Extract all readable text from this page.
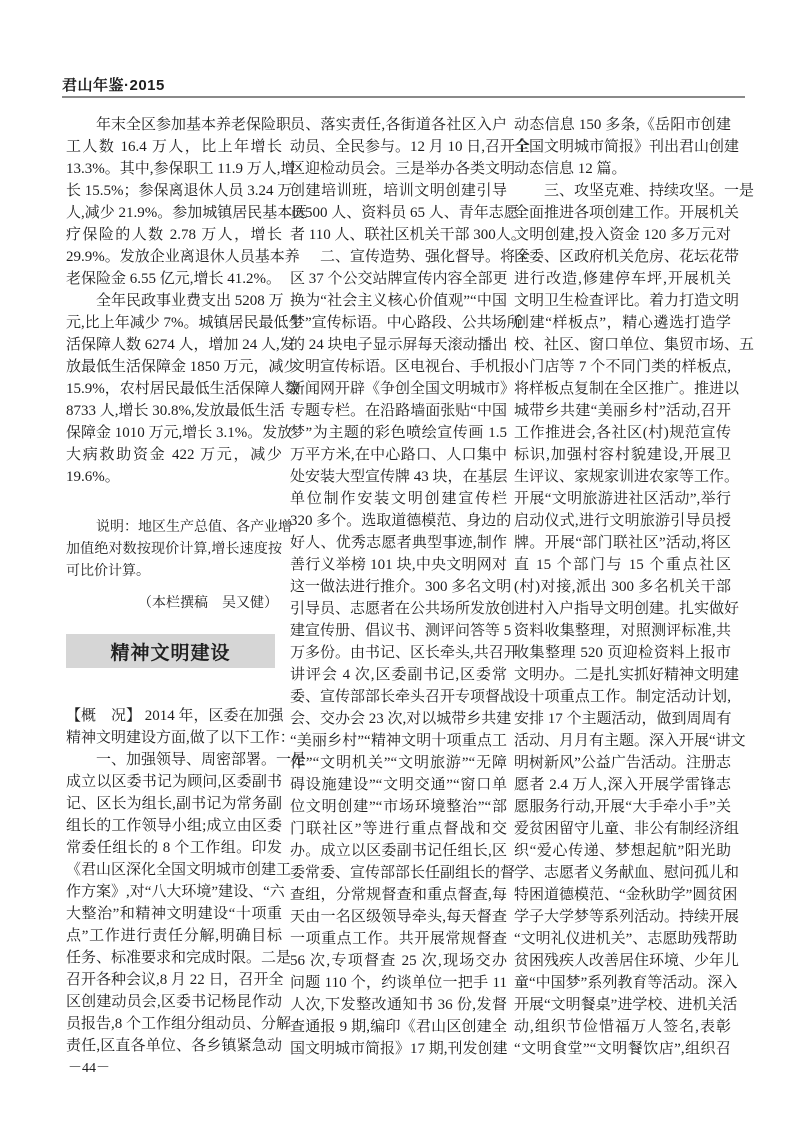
君山年鉴·2015
年末全区参加基本养老保险职
工人数 16.4 万人，比上年增长
13.3%。其中,参保职工 11.9 万人,增
长 15.5%；参保离退休人员 3.24 万
人,减少 21.9%。参加城镇居民基本医
疗保险的人数 2.78 万人，增长
29.9%。发放企业离退休人员基本养
老保险金 6.55 亿元,增长 41.2%。
全年民政事业费支出 5208 万
元,比上年减少 7%。城镇居民最低生
活保障人数 6274 人，增加 24 人,发
放最低生活保障金 1850 万元，减少
15.9%，农村居民最低生活保障人数
8733 人,增长 30.8%,发放最低生活
保障金 1010 万元,增长 3.1%。发放
大病救助资金 422 万元，减少
19.6%。
说明：地区生产总值、各产业增
加值绝对数按现价计算,增长速度按
可比价计算。
（本栏撰稿　吴又健）
精神文明建设
【概　况】 2014 年，区委在加强
精神文明建设方面,做了以下工作：
一、加强领导、周密部署。一是
成立以区委书记为顾问,区委副书
记、区长为组长,副书记为常务副
组长的工作领导小组;成立由区委
常委任组长的 8 个工作组。印发
《君山区深化全国文明城市创建工
作方案》,对“八大环境”建设、“六
大整治”和精神文明建设“十项重
点”工作进行责任分解,明确目标
任务、标准要求和完成时限。二是
召开各种会议,8 月 22 日，召开全
区创建动员会,区委书记杨昆作动
员报告,8 个工作组分组动员、分解
责任,区直各单位、各乡镇紧急动
员、落实责任,各街道各社区入户
动员、全民参与。12 月 10 日,召开全
区迎检动员会。三是举办各类文明
创建培训班，培训文明创建引导
员500 人、资料员 65 人、青年志愿
者 110 人、联社区机关干部 300人。
二、宣传造势、强化督导。将全
区 37 个公交站牌宣传内容全部更
换为“社会主义核心价值观”“中国
梦”宣传标语。中心路段、公共场所
的 24 块电子显示屏每天滚动播出
文明宣传标语。区电视台、手机报、
新闻网开辟《争创全国文明城市》
专题专栏。在沿路墙面张贴“中国
梦”为主题的彩色喷绘宣传画 1.5
万平方米,在中心路口、人口集中
处安装大型宣传牌 43 块，在基层
单位制作安装文明创建宣传栏
320 多个。选取道德模范、身边的
好人、优秀志愿者典型事迹,制作
善行义举榜 101 块,中央文明网对
这一做法进行推介。300 多名文明
引导员、志愿者在公共场所发放创
建宣传册、倡议书、测评问答等 5
万多份。由书记、区长牵头,共召开
讲评会 4 次,区委副书记,区委常
委、宣传部部长牵头召开专项督战
会、交办会 23 次,对以城带乡共建
“美丽乡村”“精神文明十项重点工
作”“文明机关”“文明旅游”“无障
碍设施建设”“文明交通”“窗口单
位文明创建”“市场环境整治”“部
门联社区”等进行重点督战和交
办。成立以区委副书记任组长,区
委常委、宣传部部长任副组长的督
查组，分常规督查和重点督查,每
天由一名区级领导牵头,每天督查
一项重点工作。共开展常规督查
56 次,专项督查 25 次,现场交办
问题 110 个，约谈单位一把手 11
人次,下发整改通知书 36 份,发督
查通报 9 期,编印《君山区创建全
国文明城市简报》17 期,刊发创建
动态信息 150 多条,《岳阳市创建
全国文明城市简报》刊出君山创建
动态信息 12 篇。
三、攻坚克难、持续攻坚。一是
全面推进各项创建工作。开展机关
文明创建,投入资金 120 多万元对
区委、区政府机关危房、花坛花带
进行改造,修建停车坪,开展机关
文明卫生检查评比。着力打造文明
创建“样板点”，精心遴选打造学
校、社区、窗口单位、集贸市场、五
小门店等 7 个不同门类的样板点,
将样板点复制在全区推广。推进以
城带乡共建“美丽乡村”活动,召开
工作推进会,各社区(村)规范宣传
标识,加强村容村貌建设,开展卫
生评议、家规家训进农家等工作。
开展“文明旅游进社区活动”,举行
启动仪式,进行文明旅游引导员授
牌。开展“部门联社区”活动,将区
直 15 个部门与 15 个重点社区
(村)对接,派出 300 多名机关干部
进村入户指导文明创建。扎实做好
资料收集整理，对照测评标准,共
收集整理 520 页迎检资料上报市
文明办。二是扎实抓好精神文明建
设十项重点工作。制定活动计划,
安排 17 个主题活动，做到周周有
活动、月月有主题。深入开展“讲文
明树新风”公益广告活动。注册志
愿者 2.4 万人,深入开展学雷锋志
愿服务行动,开展“大手牵小手”关
爱贫困留守儿童、非公有制经济组
织“爱心传递、梦想起航”阳光助
学、志愿者义务献血、慰问孤儿和
特困道德模范、“金秋助学”圆贫困
学子大学梦等系列活动。持续开展
“文明礼仪进机关”、志愿助残帮助
贫困残疾人改善居住环境、少年儿
童“中国梦”系列教育等活动。深入
开展“文明餐桌”进学校、进机关活
动,组织节俭惜福万人签名,表彰
“文明食堂”“文明餐饮店”,组织召
－44－
